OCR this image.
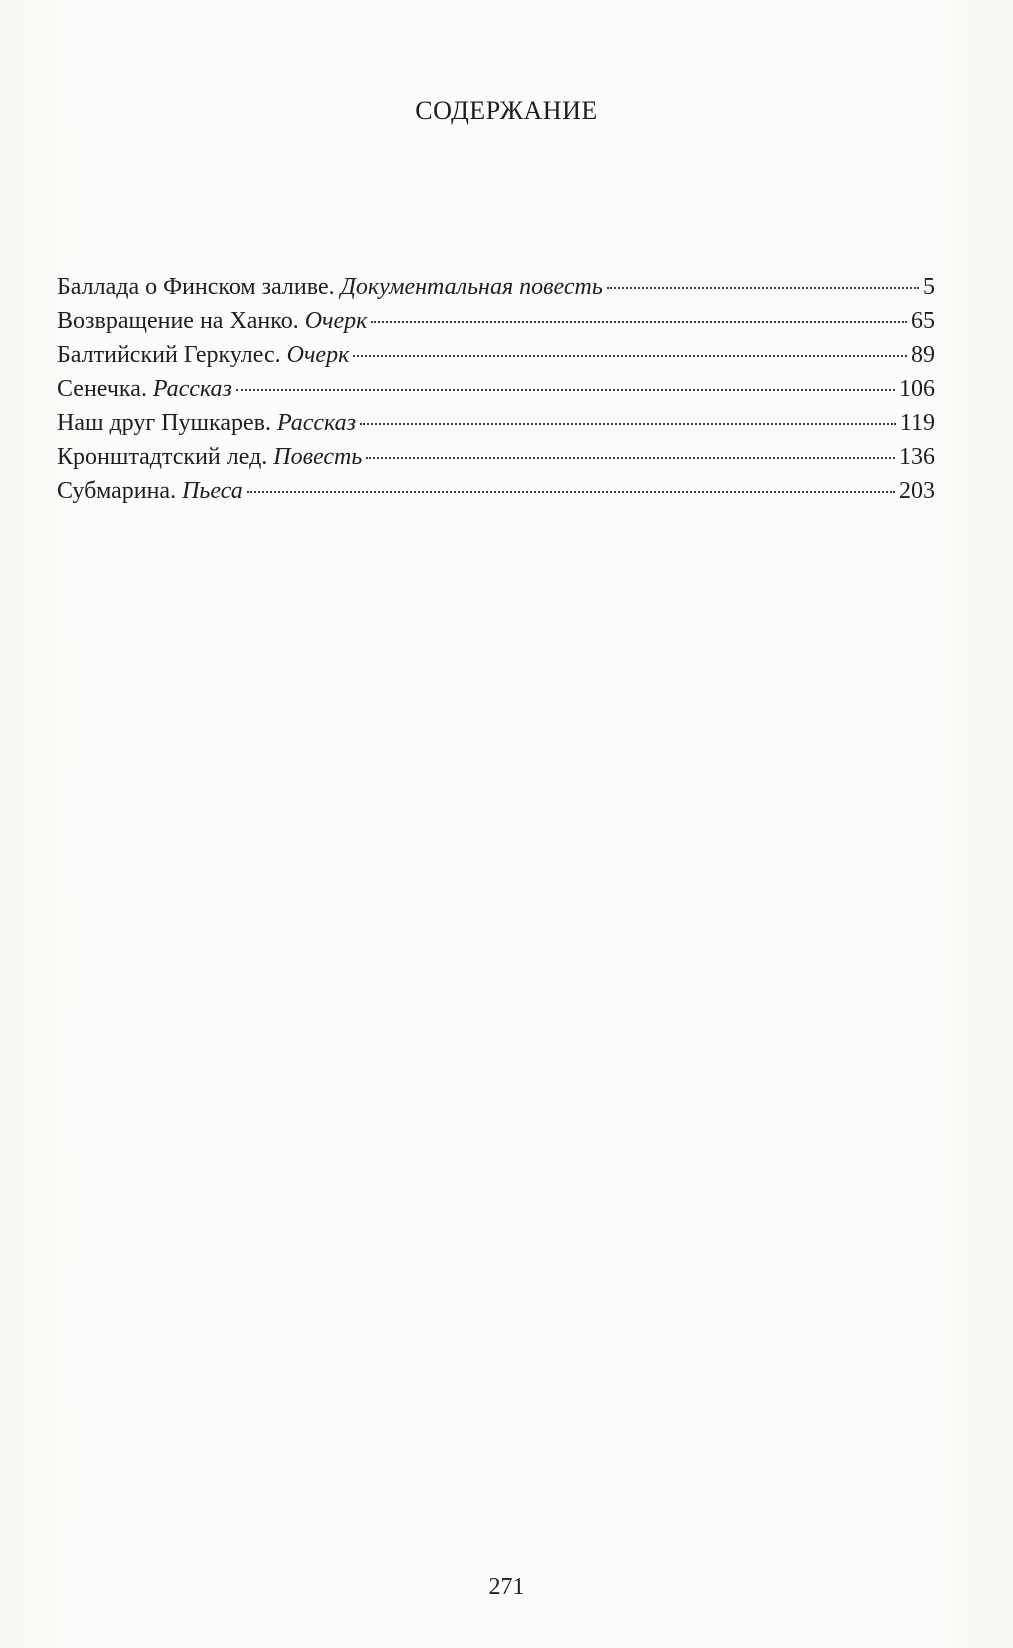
СОДЕРЖАНИЕ
Баллада о Финском заливе. Документальная повесть	5
Возвращение на Ханко. Очерк	65
Балтийский Геркулес. Очерк	89
Сенечка. Рассказ	106
Наш друг Пушкарев. Рассказ	119
Кронштадтский лед. Повесть	136
Субмарина. Пьеса	203
271
